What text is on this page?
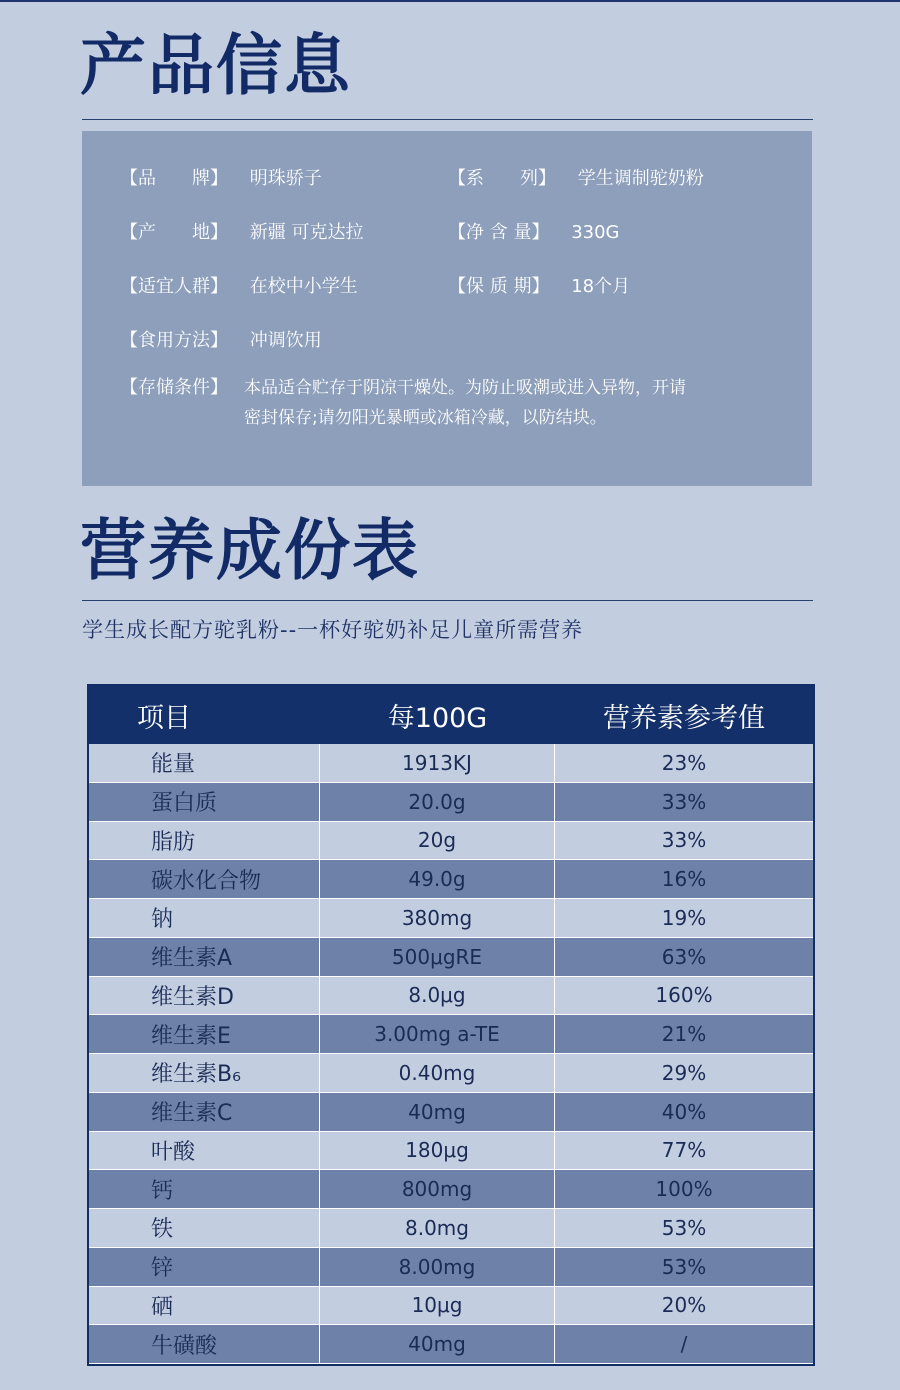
产品信息
【品　　牌】 明珠骄子	【系　　列】 学生调制驼奶粉
【产　　地】 新疆 可克达拉	【净 含 量】 330G
【适宜人群】 在校中小学生	【保 质 期】 18个月
【食用方法】 冲调饮用
【存储条件】 本品适合贮存于阴凉干燥处。为防止吸潮或进入异物，开请密封保存;请勿阳光暴晒或冰箱冷藏，以防结块。
营养成份表
学生成长配方驼乳粉--一杯好驼奶补足儿童所需营养
项目	每100G	营养素参考值
能量	1913KJ	23%
蛋白质	20.0g	33%
脂肪	20g	33%
碳水化合物	49.0g	16%
钠	380mg	19%
维生素A	500μgRE	63%
维生素D	8.0μg	160%
维生素E	3.00mg a-TE	21%
维生素B₆	0.40mg	29%
维生素C	40mg	40%
叶酸	180μg	77%
钙	800mg	100%
铁	8.0mg	53%
锌	8.00mg	53%
硒	10μg	20%
牛磺酸	40mg	/
